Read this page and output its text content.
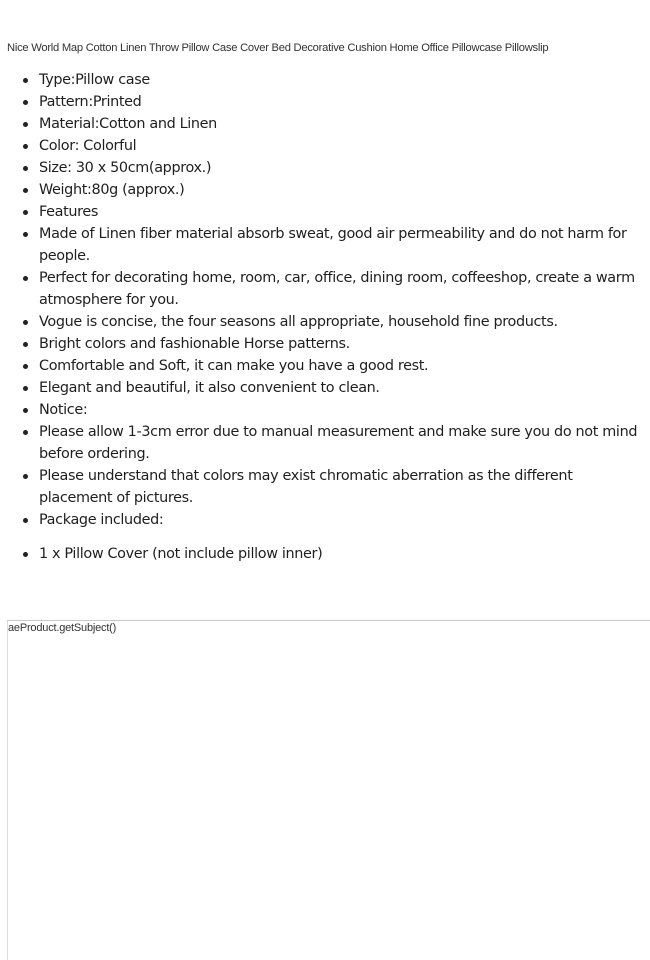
Nice World Map Cotton Linen Throw Pillow Case Cover Bed Decorative Cushion Home Office Pillowcase Pillowslip
Type:Pillow case
Pattern:Printed
Material:Cotton and Linen
Color: Colorful
Size: 30 x 50cm(approx.)
Weight:80g (approx.)
Features
Made of Linen fiber material absorb sweat, good air permeability and do not harm for people.
Perfect for decorating home, room, car, office, dining room, coffeeshop, create a warm atmosphere for you.
Vogue is concise, the four seasons all appropriate, household fine products.
Bright colors and fashionable Horse patterns.
Comfortable and Soft, it can make you have a good rest.
Elegant and beautiful, it also convenient to clean.
Notice:
Please allow 1-3cm error due to manual measurement and make sure you do not mind before ordering.
Please understand that colors may exist chromatic aberration as the different placement of pictures.
Package included:
1 x Pillow Cover (not include pillow inner)
aeProduct.getSubject()
